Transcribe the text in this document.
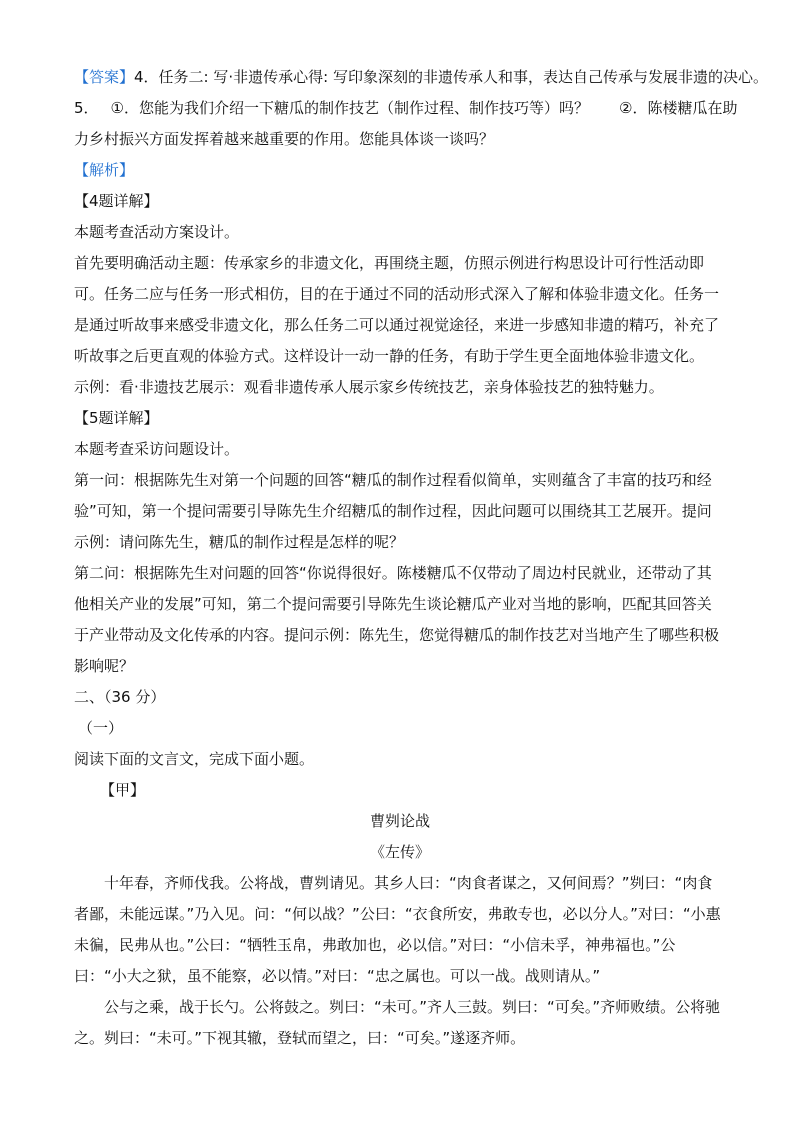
【答案】4．任务二: 写·非遗传承心得: 写印象深刻的非遗传承人和事，表达自己传承与发展非遗的决心。
5． ①．您能为我们介绍一下糖瓜的制作技艺（制作过程、制作技巧等）吗？ ②．陈楼糖瓜在助
力乡村振兴方面发挥着越来越重要的作用。您能具体谈一谈吗？
【解析】
【4题详解】
本题考查活动方案设计。
首先要明确活动主题：传承家乡的非遗文化，再围绕主题，仿照示例进行构思设计可行性活动即可。任务二应与任务一形式相仿，目的在于通过不同的活动形式深入了解和体验非遗文化。任务一是通过听故事来感受非遗文化，那么任务二可以通过视觉途径，来进一步感知非遗的精巧，补充了听故事之后更直观的体验方式。这样设计一动一静的任务，有助于学生更全面地体验非遗文化。
示例：看·非遗技艺展示：观看非遗传承人展示家乡传统技艺，亲身体验技艺的独特魅力。
【5题详解】
本题考查采访问题设计。
第一问：根据陈先生对第一个问题的回答“糖瓜的制作过程看似简单，实则蕴含了丰富的技巧和经验”可知，第一个提问需要引导陈先生介绍糖瓜的制作过程，因此问题可以围绕其工艺展开。提问示例：请问陈先生，糖瓜的制作过程是怎样的呢？
第二问：根据陈先生对问题的回答“你说得很好。陈楼糖瓜不仅带动了周边村民就业，还带动了其他相关产业的发展”可知，第二个提问需要引导陈先生谈论糖瓜产业对当地的影响，匹配其回答关于产业带动及文化传承的内容。提问示例：陈先生，您觉得糖瓜的制作技艺对当地产生了哪些积极影响呢？
二、（36 分）
（一）
阅读下面的文言文，完成下面小题。
【甲】
曹刿论战
《左传》
十年春，齐师伐我。公将战，曹刿请见。其乡人曰：“肉食者谋之，又何间焉？”刿曰：“肉食者鄙，未能远谋。”乃入见。问：“何以战？”公曰：“衣食所安，弗敢专也，必以分人。”对曰：“小惠未徧，民弗从也。”公曰：“牺牲玉帛，弗敢加也，必以信。”对曰：“小信未孚，神弗福也。”公曰：“小大之狱，虽不能察，必以情。”对曰：“忠之属也。可以一战。战则请从。”
公与之乘，战于长勺。公将鼓之。刿曰：“未可。”齐人三鼓。刿曰：“可矣。”齐师败绩。公将驰之。刿曰：“未可。”下视其辙，登轼而望之，曰：“可矣。”遂逐齐师。
